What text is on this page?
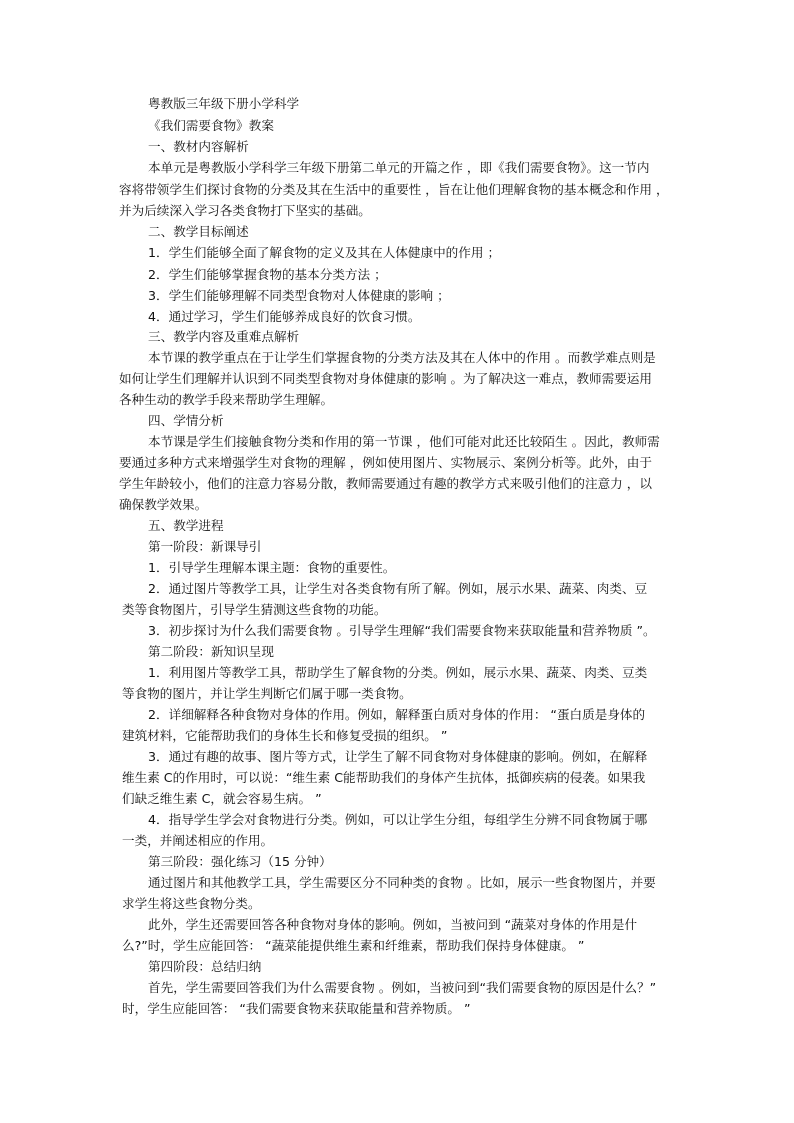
粤教版三年级下册小学科学
《我们需要食物》教案
一、教材内容解析
本单元是粤教版小学科学三年级下册第二单元的开篇之作 ，即《我们需要食物》。这一节内
容将带领学生们探讨食物的分类及其在生活中的重要性 ，旨在让他们理解食物的基本概念和作用 ，
并为后续深入学习各类食物打下坚实的基础。
二、教学目标阐述
1．学生们能够全面了解食物的定义及其在人体健康中的作用 ；
2．学生们能够掌握食物的基本分类方法 ；
3．学生们能够理解不同类型食物对人体健康的影响 ；
4．通过学习，学生们能够养成良好的饮食习惯。
三、教学内容及重难点解析
本节课的教学重点在于让学生们掌握食物的分类方法及其在人体中的作用 。而教学难点则是
如何让学生们理解并认识到不同类型食物对身体健康的影响 。为了解决这一难点，教师需要运用
各种生动的教学手段来帮助学生理解。
四、学情分析
本节课是学生们接触食物分类和作用的第一节课 ，他们可能对此还比较陌生 。因此，教师需
要通过多种方式来增强学生对食物的理解 ，例如使用图片、实物展示、案例分析等。此外，由于
学生年龄较小，他们的注意力容易分散，教师需要通过有趣的教学方式来吸引他们的注意力 ，以
确保教学效果。
五、教学进程
第一阶段：新课导引
1．引导学生理解本课主题：食物的重要性。
2．通过图片等教学工具，让学生对各类食物有所了解。例如，展示水果、蔬菜、肉类、豆
类等食物图片，引导学生猜测这些食物的功能。
3．初步探讨为什么我们需要食物 。引导学生理解“我们需要食物来获取能量和营养物质 ”。
第二阶段：新知识呈现
1．利用图片等教学工具，帮助学生了解食物的分类。例如，展示水果、蔬菜、肉类、豆类
等食物的图片，并让学生判断它们属于哪一类食物。
2．详细解释各种食物对身体的作用。例如，解释蛋白质对身体的作用： “蛋白质是身体的
建筑材料，它能帮助我们的身体生长和修复受损的组织。 ”
3．通过有趣的故事、图片等方式，让学生了解不同食物对身体健康的影响。例如，在解释
维生素 C的作用时，可以说：“维生素 C能帮助我们的身体产生抗体，抵御疾病的侵袭。如果我
们缺乏维生素 C，就会容易生病。 ”
4．指导学生学会对食物进行分类。例如，可以让学生分组，每组学生分辨不同食物属于哪
一类，并阐述相应的作用。
第三阶段：强化练习（15 分钟）
通过图片和其他教学工具，学生需要区分不同种类的食物 。比如，展示一些食物图片，并要
求学生将这些食物分类。
此外，学生还需要回答各种食物对身体的影响。例如，当被问到 “蔬菜对身体的作用是什
么?”时，学生应能回答： “蔬菜能提供维生素和纤维素，帮助我们保持身体健康。 ”
第四阶段：总结归纳
首先，学生需要回答我们为什么需要食物 。例如，当被问到“我们需要食物的原因是什么？”
时，学生应能回答： “我们需要食物来获取能量和营养物质。 ”
